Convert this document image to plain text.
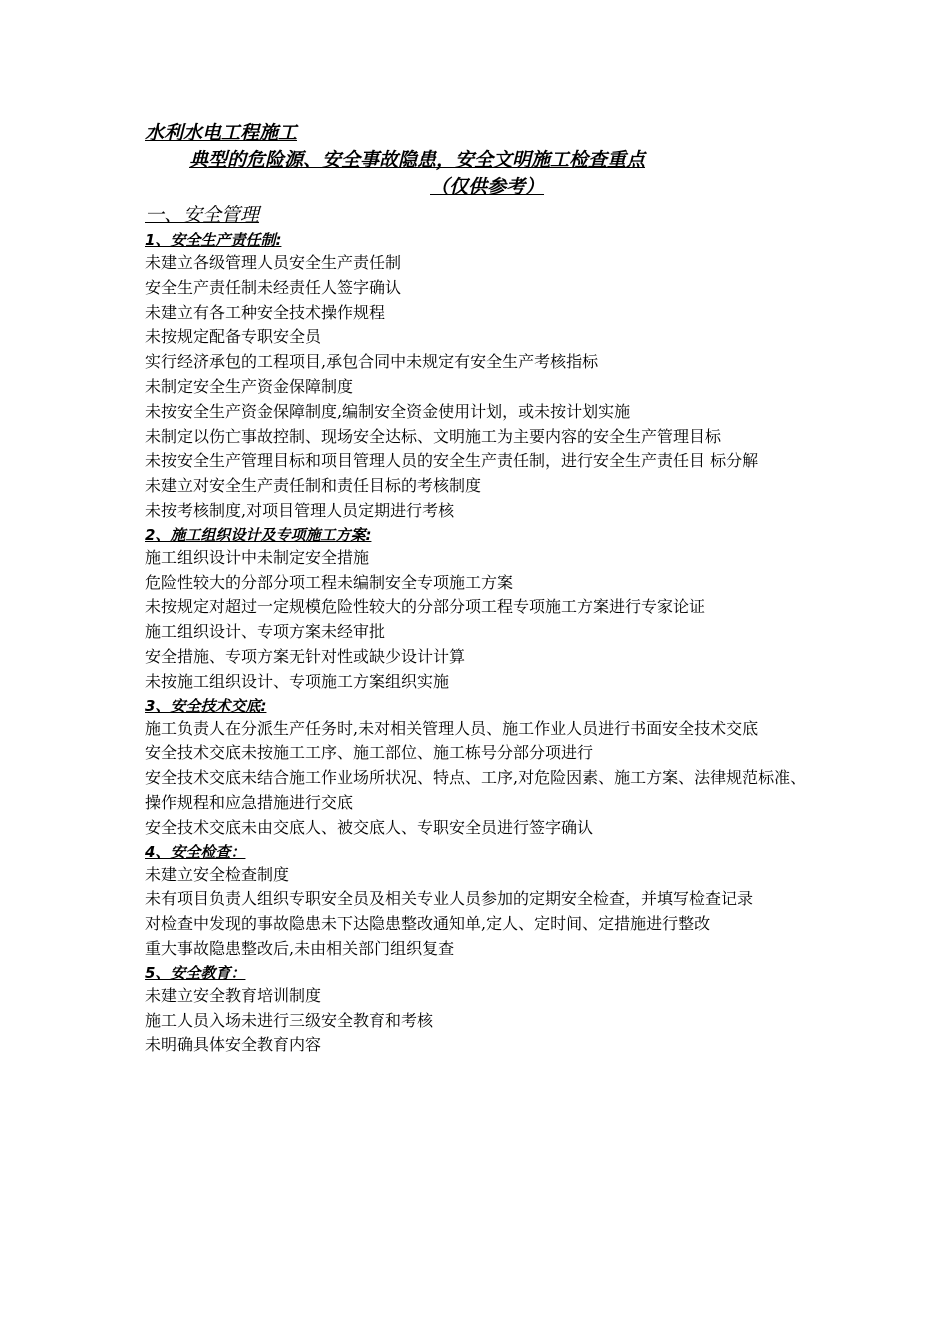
水利水电工程施工
典型的危险源、安全事故隐患，安全文明施工检查重点
（仅供参考）
一、安全管理
1、安全生产责任制:
未建立各级管理人员安全生产责任制
安全生产责任制未经责任人签字确认
未建立有各工种安全技术操作规程
未按规定配备专职安全员
实行经济承包的工程项目,承包合同中未规定有安全生产考核指标
未制定安全生产资金保障制度
未按安全生产资金保障制度,编制安全资金使用计划，或未按计划实施
未制定以伤亡事故控制、现场安全达标、文明施工为主要内容的安全生产管理目标
未按安全生产管理目标和项目管理人员的安全生产责任制，进行安全生产责任目 标分解
未建立对安全生产责任制和责任目标的考核制度
未按考核制度,对项目管理人员定期进行考核
2、施工组织设计及专项施工方案:
施工组织设计中未制定安全措施
危险性较大的分部分项工程未编制安全专项施工方案
未按规定对超过一定规模危险性较大的分部分项工程专项施工方案进行专家论证
施工组织设计、专项方案未经审批
安全措施、专项方案无针对性或缺少设计计算
未按施工组织设计、专项施工方案组织实施
3、安全技术交底:
施工负责人在分派生产任务时,未对相关管理人员、施工作业人员进行书面安全技术交底
安全技术交底未按施工工序、施工部位、施工栋号分部分项进行
安全技术交底未结合施工作业场所状况、特点、工序,对危险因素、施工方案、法律规范标准、操作规程和应急措施进行交底
安全技术交底未由交底人、被交底人、专职安全员进行签字确认
4、安全检查：
未建立安全检查制度
未有项目负责人组织专职安全员及相关专业人员参加的定期安全检查，并填写检查记录
对检查中发现的事故隐患未下达隐患整改通知单,定人、定时间、定措施进行整改
重大事故隐患整改后,未由相关部门组织复查
5、安全教育：
未建立安全教育培训制度
施工人员入场未进行三级安全教育和考核
未明确具体安全教育内容
